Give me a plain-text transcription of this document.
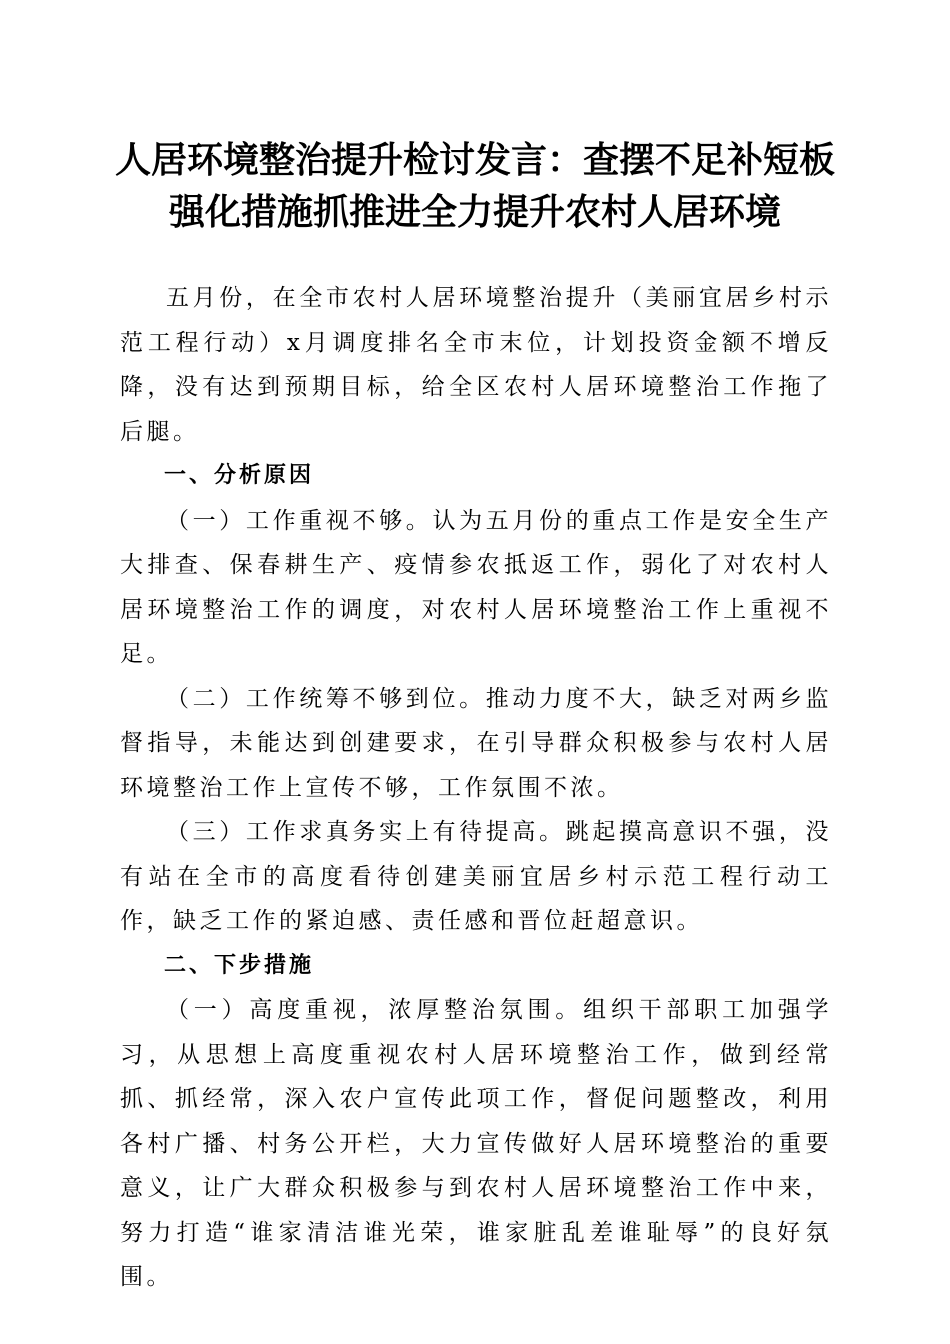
人居环境整治提升检讨发言：查摆不足补短板
强化措施抓推进全力提升农村人居环境

五月份，在全市农村人居环境整治提升（美丽宜居乡村示范工程行动）x月调度排名全市末位，计划投资金额不增反降，没有达到预期目标，给全区农村人居环境整治工作拖了后腿。

一、分析原因

（一）工作重视不够。认为五月份的重点工作是安全生产大排查、保春耕生产、疫情参农抵返工作，弱化了对农村人居环境整治工作的调度，对农村人居环境整治工作上重视不足。

（二）工作统筹不够到位。推动力度不大，缺乏对两乡监督指导，未能达到创建要求，在引导群众积极参与农村人居环境整治工作上宣传不够，工作氛围不浓。

（三）工作求真务实上有待提高。跳起摸高意识不强，没有站在全市的高度看待创建美丽宜居乡村示范工程行动工作，缺乏工作的紧迫感、责任感和晋位赶超意识。

二、下步措施

（一）高度重视，浓厚整治氛围。组织干部职工加强学习，从思想上高度重视农村人居环境整治工作，做到经常抓、抓经常，深入农户宣传此项工作，督促问题整改，利用各村广播、村务公开栏，大力宣传做好人居环境整治的重要意义，让广大群众积极参与到农村人居环境整治工作中来，努力打造“谁家清洁谁光荣，谁家脏乱差谁耻辱”的良好氛围。
